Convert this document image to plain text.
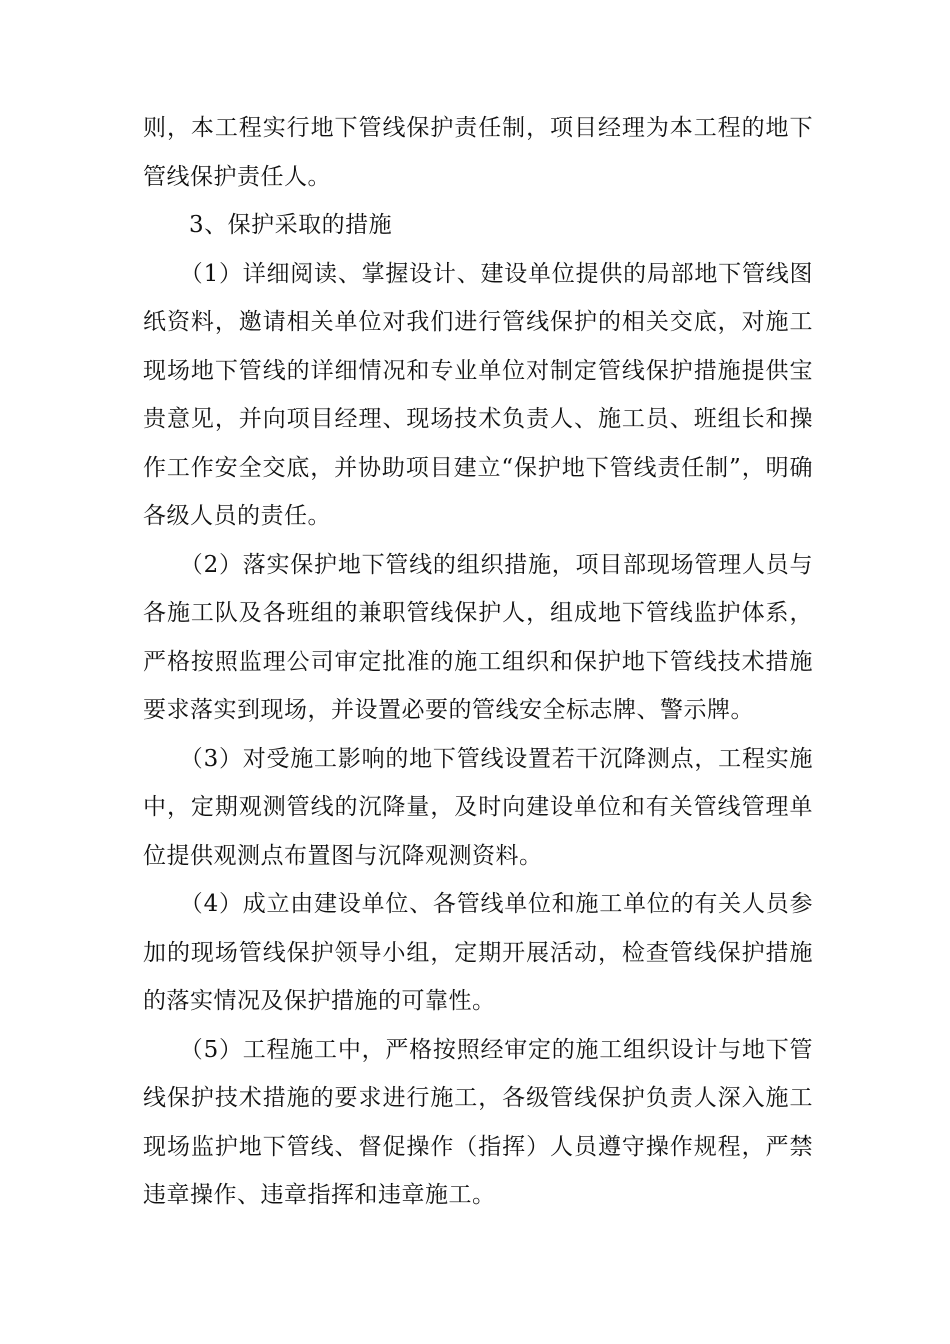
则，本工程实行地下管线保护责任制，项目经理为本工程的地下管线保护责任人。

3、保护采取的措施

（1）详细阅读、掌握设计、建设单位提供的局部地下管线图纸资料，邀请相关单位对我们进行管线保护的相关交底，对施工现场地下管线的详细情况和专业单位对制定管线保护措施提供宝贵意见，并向项目经理、现场技术负责人、施工员、班组长和操作工作安全交底，并协助项目建立“保护地下管线责任制”，明确各级人员的责任。

（2）落实保护地下管线的组织措施，项目部现场管理人员与各施工队及各班组的兼职管线保护人，组成地下管线监护体系，严格按照监理公司审定批准的施工组织和保护地下管线技术措施要求落实到现场，并设置必要的管线安全标志牌、警示牌。

（3）对受施工影响的地下管线设置若干沉降测点，工程实施中，定期观测管线的沉降量，及时向建设单位和有关管线管理单位提供观测点布置图与沉降观测资料。

（4）成立由建设单位、各管线单位和施工单位的有关人员参加的现场管线保护领导小组，定期开展活动，检查管线保护措施的落实情况及保护措施的可靠性。

（5）工程施工中，严格按照经审定的施工组织设计与地下管线保护技术措施的要求进行施工，各级管线保护负责人深入施工现场监护地下管线、督促操作（指挥）人员遵守操作规程，严禁违章操作、违章指挥和违章施工。
